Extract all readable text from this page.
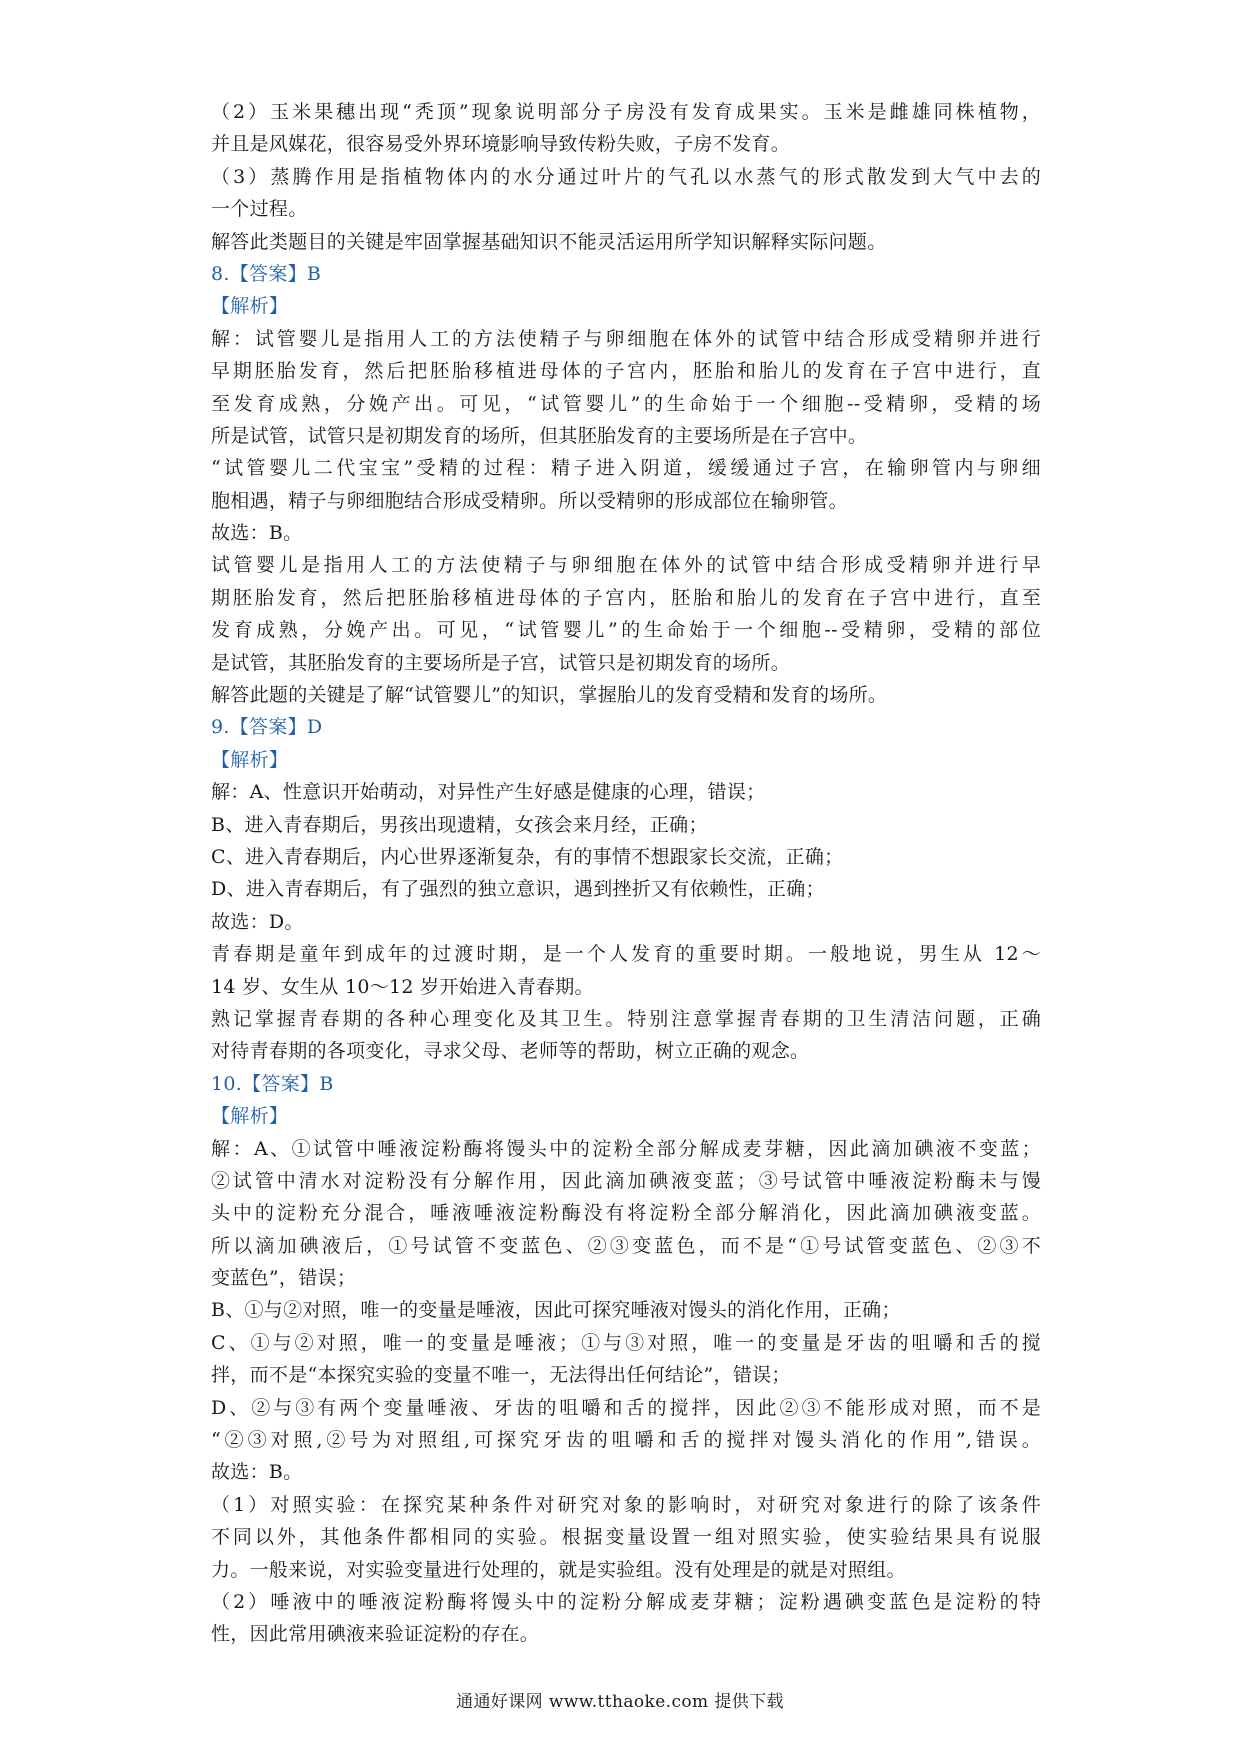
（2）玉米果穗出现“秃顶”现象说明部分子房没有发育成果实。玉米是雌雄同株植物，
并且是风媒花，很容易受外界环境影响导致传粉失败，子房不发育。
（3）蒸腾作用是指植物体内的水分通过叶片的气孔以水蒸气的形式散发到大气中去的
一个过程。
解答此类题目的关键是牢固掌握基础知识不能灵活运用所学知识解释实际问题。
8.【答案】B
【解析】
解：试管婴儿是指用人工的方法使精子与卵细胞在体外的试管中结合形成受精卵并进行
早期胚胎发育，然后把胚胎移植进母体的子宫内，胚胎和胎儿的发育在子宫中进行，直
至发育成熟，分娩产出。可见，“试管婴儿”的生命始于一个细胞--受精卵，受精的场
所是试管，试管只是初期发育的场所，但其胚胎发育的主要场所是在子宫中。
“试管婴儿二代宝宝”受精的过程：精子进入阴道，缓缓通过子宫，在输卵管内与卵细
胞相遇，精子与卵细胞结合形成受精卵。所以受精卵的形成部位在输卵管。
故选：B。
试管婴儿是指用人工的方法使精子与卵细胞在体外的试管中结合形成受精卵并进行早
期胚胎发育，然后把胚胎移植进母体的子宫内，胚胎和胎儿的发育在子宫中进行，直至
发育成熟，分娩产出。可见，“试管婴儿”的生命始于一个细胞--受精卵，受精的部位
是试管，其胚胎发育的主要场所是子宫，试管只是初期发育的场所。
解答此题的关键是了解“试管婴儿”的知识，掌握胎儿的发育受精和发育的场所。
9.【答案】D
【解析】
解：A、性意识开始萌动，对异性产生好感是健康的心理，错误；
B、进入青春期后，男孩出现遗精，女孩会来月经，正确；
C、进入青春期后，内心世界逐渐复杂，有的事情不想跟家长交流，正确；
D、进入青春期后，有了强烈的独立意识，遇到挫折又有依赖性，正确；
故选：D。
青春期是童年到成年的过渡时期，是一个人发育的重要时期。一般地说，男生从 12～
14 岁、女生从 10～12 岁开始进入青春期。
熟记掌握青春期的各种心理变化及其卫生。特别注意掌握青春期的卫生清洁问题，正确
对待青春期的各项变化，寻求父母、老师等的帮助，树立正确的观念。
10.【答案】B
【解析】
解：A、①试管中唾液淀粉酶将馒头中的淀粉全部分解成麦芽糖，因此滴加碘液不变蓝；
②试管中清水对淀粉没有分解作用，因此滴加碘液变蓝；③号试管中唾液淀粉酶未与馒
头中的淀粉充分混合，唾液唾液淀粉酶没有将淀粉全部分解消化，因此滴加碘液变蓝。
所以滴加碘液后，①号试管不变蓝色、②③变蓝色，而不是“①号试管变蓝色、②③不
变蓝色”，错误；
B、①与②对照，唯一的变量是唾液，因此可探究唾液对馒头的消化作用，正确；
C、①与②对照，唯一的变量是唾液；①与③对照，唯一的变量是牙齿的咀嚼和舌的搅
拌，而不是“本探究实验的变量不唯一，无法得出任何结论”，错误；
D、②与③有两个变量唾液、牙齿的咀嚼和舌的搅拌，因此②③不能形成对照，而不是
“②③对照,②号为对照组,可探究牙齿的咀嚼和舌的搅拌对馒头消化的作用”,错误。
故选：B。
（1）对照实验：在探究某种条件对研究对象的影响时，对研究对象进行的除了该条件
不同以外，其他条件都相同的实验。根据变量设置一组对照实验，使实验结果具有说服
力。一般来说，对实验变量进行处理的，就是实验组。没有处理是的就是对照组。
（2）唾液中的唾液淀粉酶将馒头中的淀粉分解成麦芽糖；淀粉遇碘变蓝色是淀粉的特
性，因此常用碘液来验证淀粉的存在。
通通好课网 www.tthaoke.com 提供下载
